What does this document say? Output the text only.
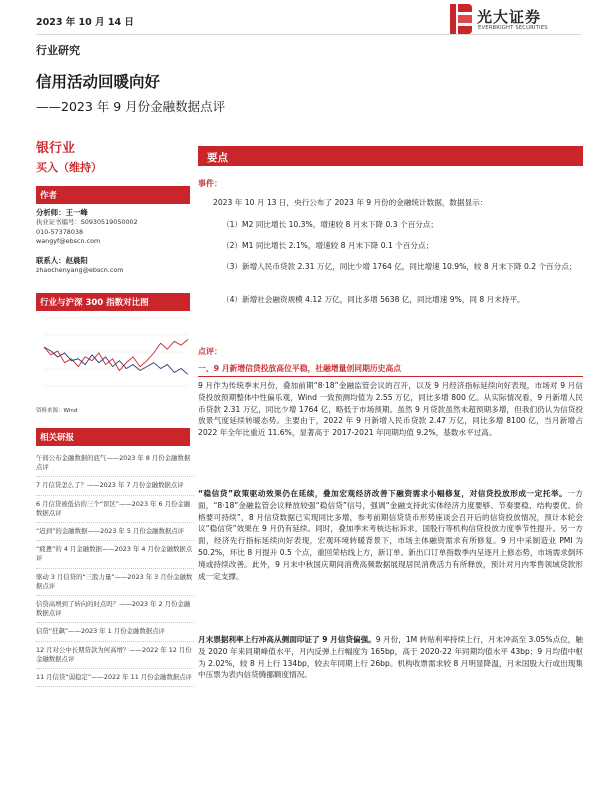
2023 年 10 月 14 日	光大证券
EVERBRIGHT SECURITIES
行业研究
信用活动回暖向好
——2023 年 9 月份金融数据点评
银行业
买入（维持）
作者
分析师：王一峰
执业证书编号：S0930519050002
010-57378038
wangyf@ebscn.com
联系人：赵晨阳
zhaochenyang@ebscn.com
行业与沪深 300 指数对比图
资料来源：Wind
相关研报
午间公布金融数据的底气——2023 年 8 月份金融数据点评
7 月信贷怎么了？——2023 年 7 月份金融数据点评
6 月信贷被低估的三个“误区”——2023 年 6 月份金融数据点评
“迟到”的金融数据——2023 年 5 月份金融数据点评
“疲惫”的 4 月金融数据——2023 年 4 月份金融数据点评
驱动 3 月信贷的“三股力量”——2023 年 3 月份金融数据点评
信贷高增到了转向的时点吗？——2023 年 2 月份金融数据点评
信贷“狂飙”——2023 年 1 月份金融数据点评
12 月对公中长期贷款为何高增？——2022 年 12 月份金融数据点评
11 月信贷“弱稳定”——2022 年 11 月份金融数据点评
要点
事件：
2023 年 10 月 13 日，央行公布了 2023 年 9 月份的金融统计数据，数据显示：
（1）M2 同比增长 10.3%，增速较 8 月末下降 0.3 个百分点；
（2）M1 同比增长 2.1%，增速较 8 月末下降 0.1 个百分点；
（3）新增人民币贷款 2.31 万亿，同比少增 1764 亿，同比增速 10.9%，较 8 月末下降 0.2 个百分点；
（4）新增社会融资规模 4.12 万亿，同比多增 5638 亿，同比增速 9%，同 8 月末持平。
点评：
一、9 月新增信贷投放高位平稳，社融增量创同期历史高点
9 月作为传统季末月份，叠加前期“8·18”金融监管会议的召开，以及 9 月经济指标延续向好表现，市场对 9 月信贷投放预期整体中性偏乐观，Wind 一致预测均值为 2.55 万亿，同比多增 800 亿。从实际情况看，9 月新增人民币贷款 2.31 万亿，同比少增 1764 亿，略低于市场预期。虽然 9 月贷款虽然未超预期多增，但我们仍认为信贷投放景气度延续转暖态势。主要由于，2022 年 9 月新增人民币贷款 2.47 万亿，同比多增 8100 亿，当月新增占 2022 年全年比重近 11.6%，显著高于 2017-2021 年同期均值 9.2%，基数水平过高。
“稳信贷”政策驱动效果仍在延续，叠加宏观经济改善下融资需求小幅修复，对信贷投放形成一定托举。一方面，“8·18”金融监管会议释放较强“稳信贷”信号，强调“金融支持此实体经济力度要够、节奏要稳、结构要优、价格要可持续”，8 月信贷数据已实现同比多增，参考前期信贷货币形势座谈会召开后的信贷投放情况，预计本轮会议“稳信贷”效果在 9 月仍有延续。同时，叠加季末考核达标诉求，国股行等机构信贷投放力度季节性提升。另一方面，经济先行指标延续向好表现，宏观环境转暖背景下，市场主体融资需求有所修复。9 月中采制造业 PMI 为 50.2%，环比 8 月提升 0.5 个点，重回荣枯线上方，新订单、新出口订单指数季内呈逐月上修态势，市场需求倒环境或持续改善。此外，9 月末中秋国庆期间消费高频数据展现居民消费活力有所释放，预计对月内零售领域贷款形成一定支撑。
月末票据利率上行冲高从侧面印证了 9 月信贷偏强。9 月份，1M 转贴利率持续上行，月末冲高至 3.05%点位，触及 2020 年来同期峰值水平，月内反弹上行幅度为 165bp，高于 2020-22 年同期均值水平 43bp；9 月均值中枢为 2.02%，较 8 月上行 134bp，较去年同期上行 26bp。机构收票需求较 8 月明显降温，月末国股大行或出现集中压票为表内信贷腾挪额度情况。
